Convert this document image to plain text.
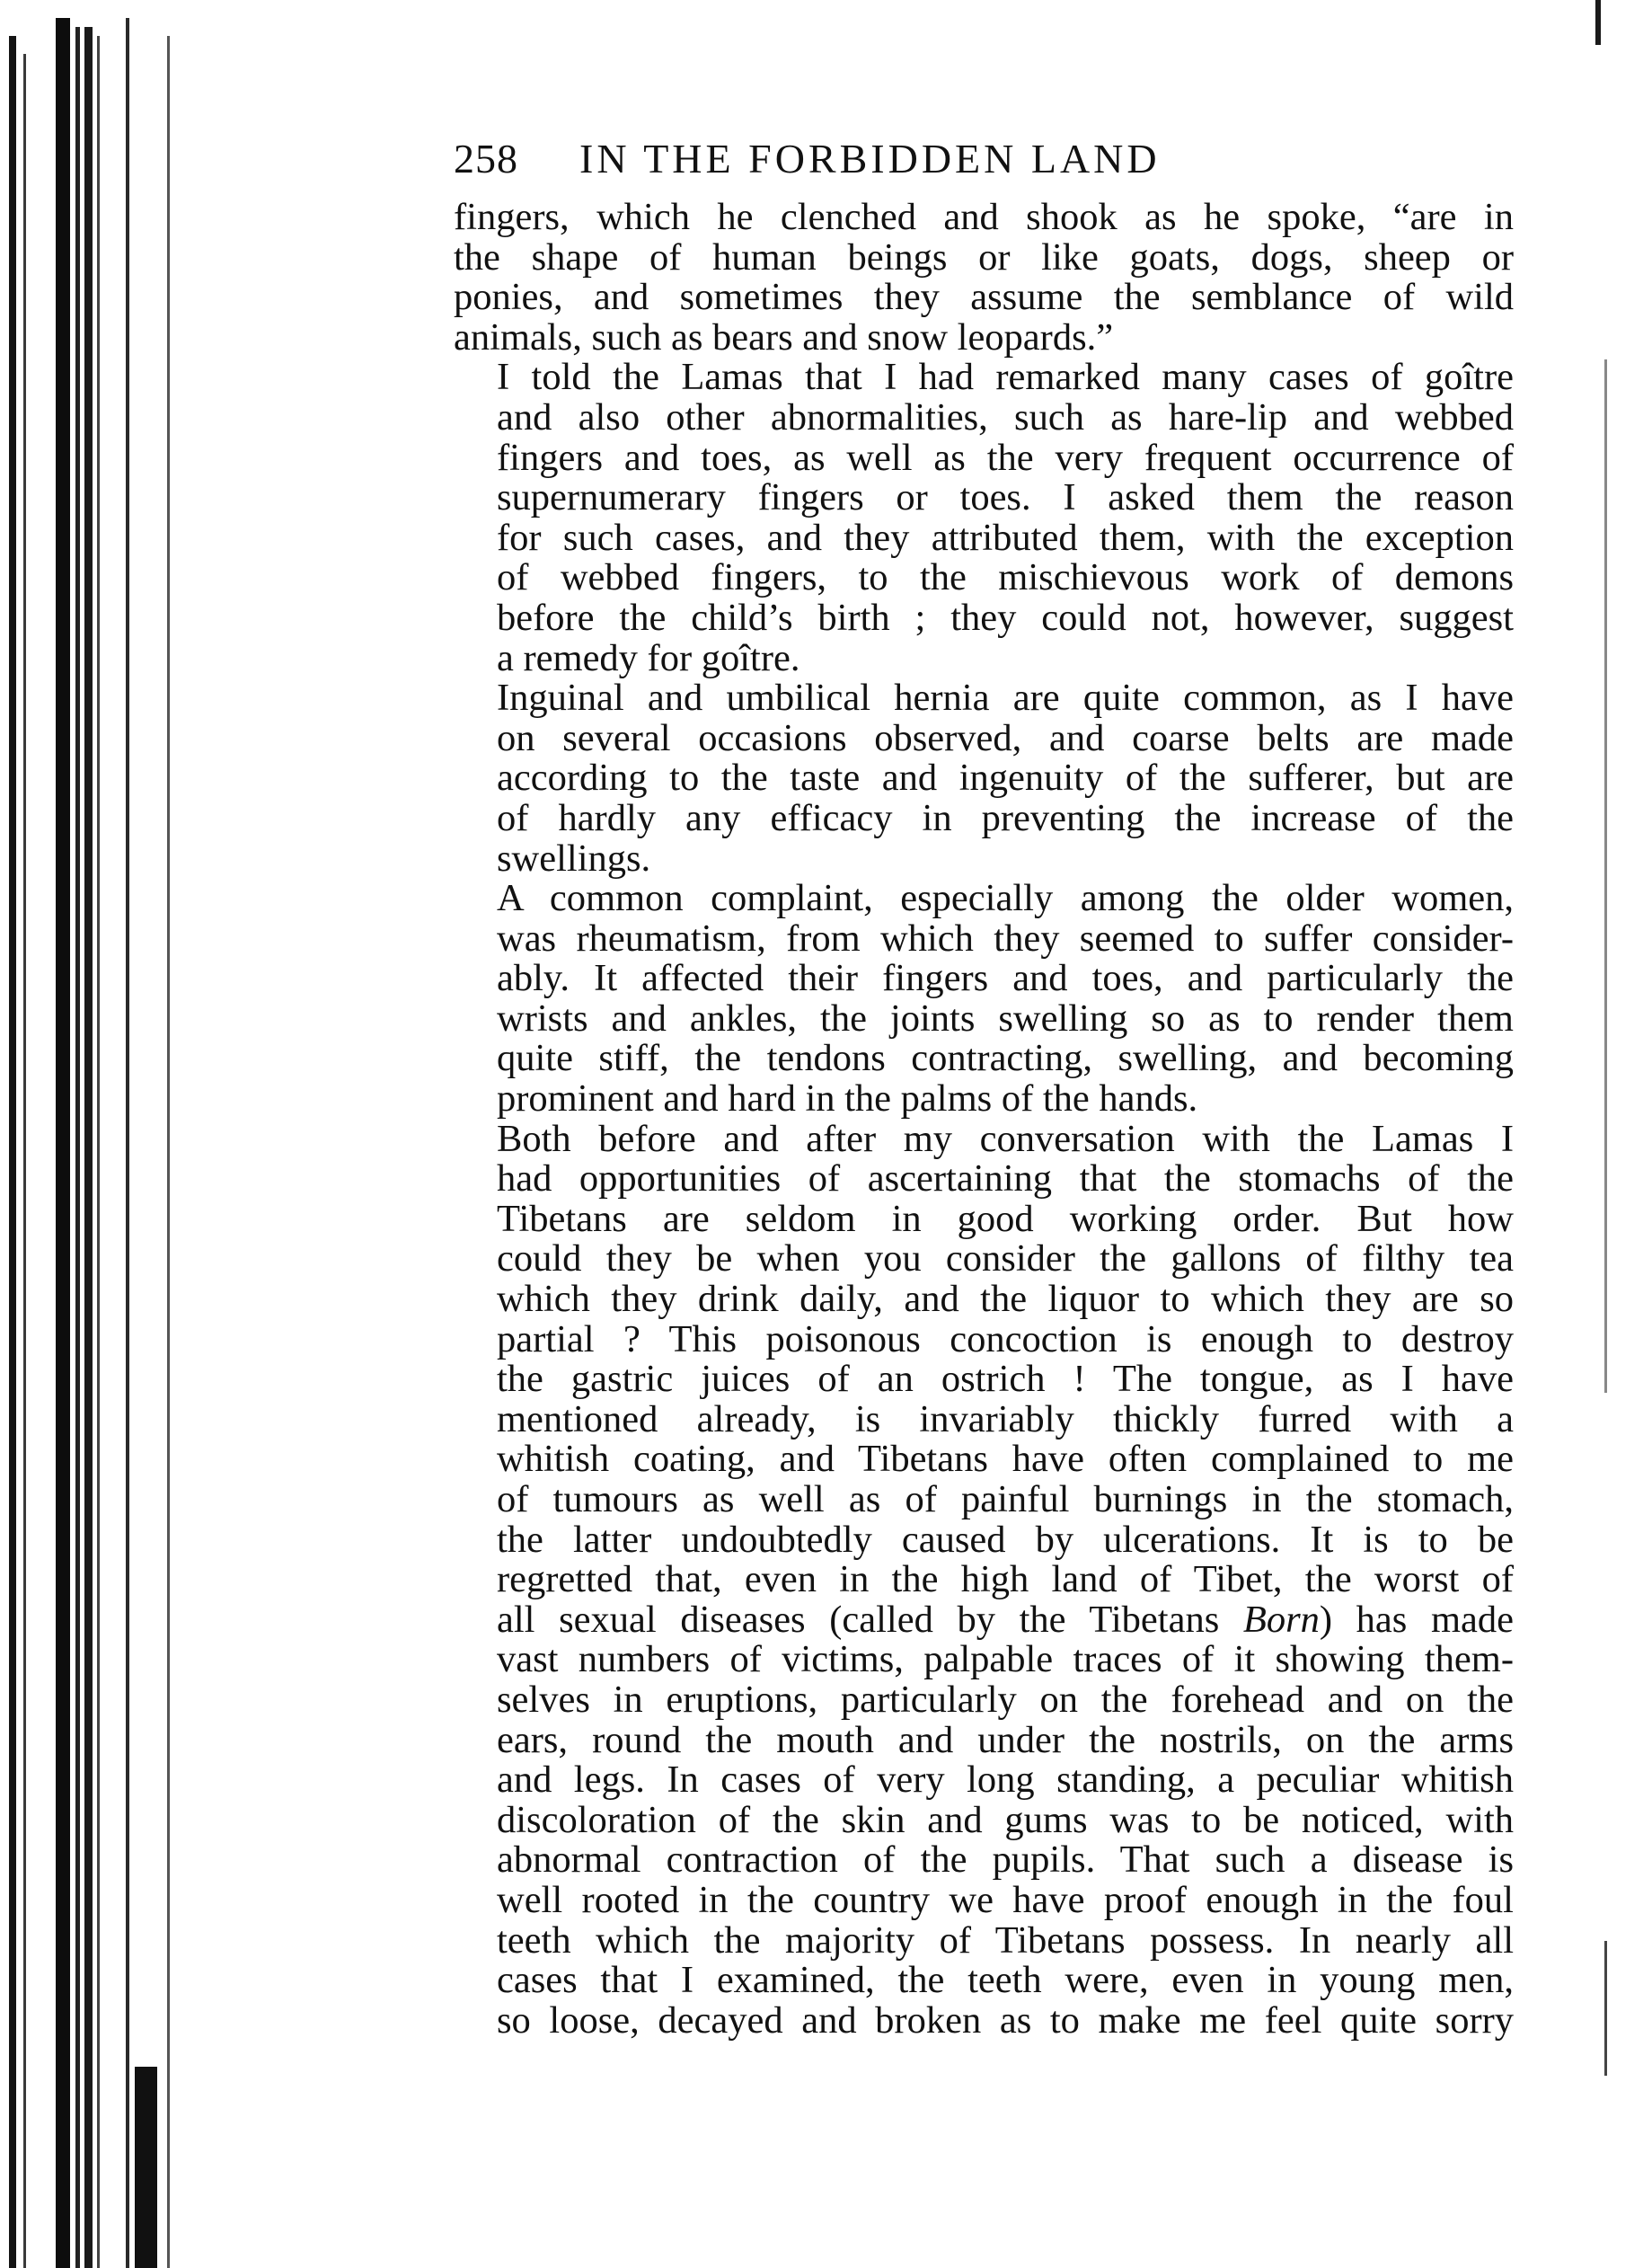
258	IN THE FORBIDDEN LAND

fingers, which he clenched and shook as he spoke, “are in
the shape of human beings or like goats, dogs, sheep or
ponies, and sometimes they assume the semblance of wild
animals, such as bears and snow leopards.”

I told the Lamas that I had remarked many cases of goître
and also other abnormalities, such as hare-lip and webbed
fingers and toes, as well as the very frequent occurrence of
supernumerary fingers or toes. I asked them the reason
for such cases, and they attributed them, with the exception
of webbed fingers, to the mischievous work of demons
before the child’s birth ; they could not, however, suggest
a remedy for goître.

Inguinal and umbilical hernia are quite common, as I have
on several occasions observed, and coarse belts are made
according to the taste and ingenuity of the sufferer, but are
of hardly any efficacy in preventing the increase of the
swellings.

A common complaint, especially among the older women,
was rheumatism, from which they seemed to suffer consider-
ably. It affected their fingers and toes, and particularly the
wrists and ankles, the joints swelling so as to render them
quite stiff, the tendons contracting, swelling, and becoming
prominent and hard in the palms of the hands.

Both before and after my conversation with the Lamas I
had opportunities of ascertaining that the stomachs of the
Tibetans are seldom in good working order. But how
could they be when you consider the gallons of filthy tea
which they drink daily, and the liquor to which they are so
partial ? This poisonous concoction is enough to destroy
the gastric juices of an ostrich ! The tongue, as I have
mentioned already, is invariably thickly furred with a
whitish coating, and Tibetans have often complained to me
of tumours as well as of painful burnings in the stomach,
the latter undoubtedly caused by ulcerations. It is to be
regretted that, even in the high land of Tibet, the worst of
all sexual diseases (called by the Tibetans Born) has made
vast numbers of victims, palpable traces of it showing them-
selves in eruptions, particularly on the forehead and on the
ears, round the mouth and under the nostrils, on the arms
and legs. In cases of very long standing, a peculiar whitish
discoloration of the skin and gums was to be noticed, with
abnormal contraction of the pupils. That such a disease is
well rooted in the country we have proof enough in the foul
teeth which the majority of Tibetans possess. In nearly all
cases that I examined, the teeth were, even in young men,
so loose, decayed and broken as to make me feel quite sorry
